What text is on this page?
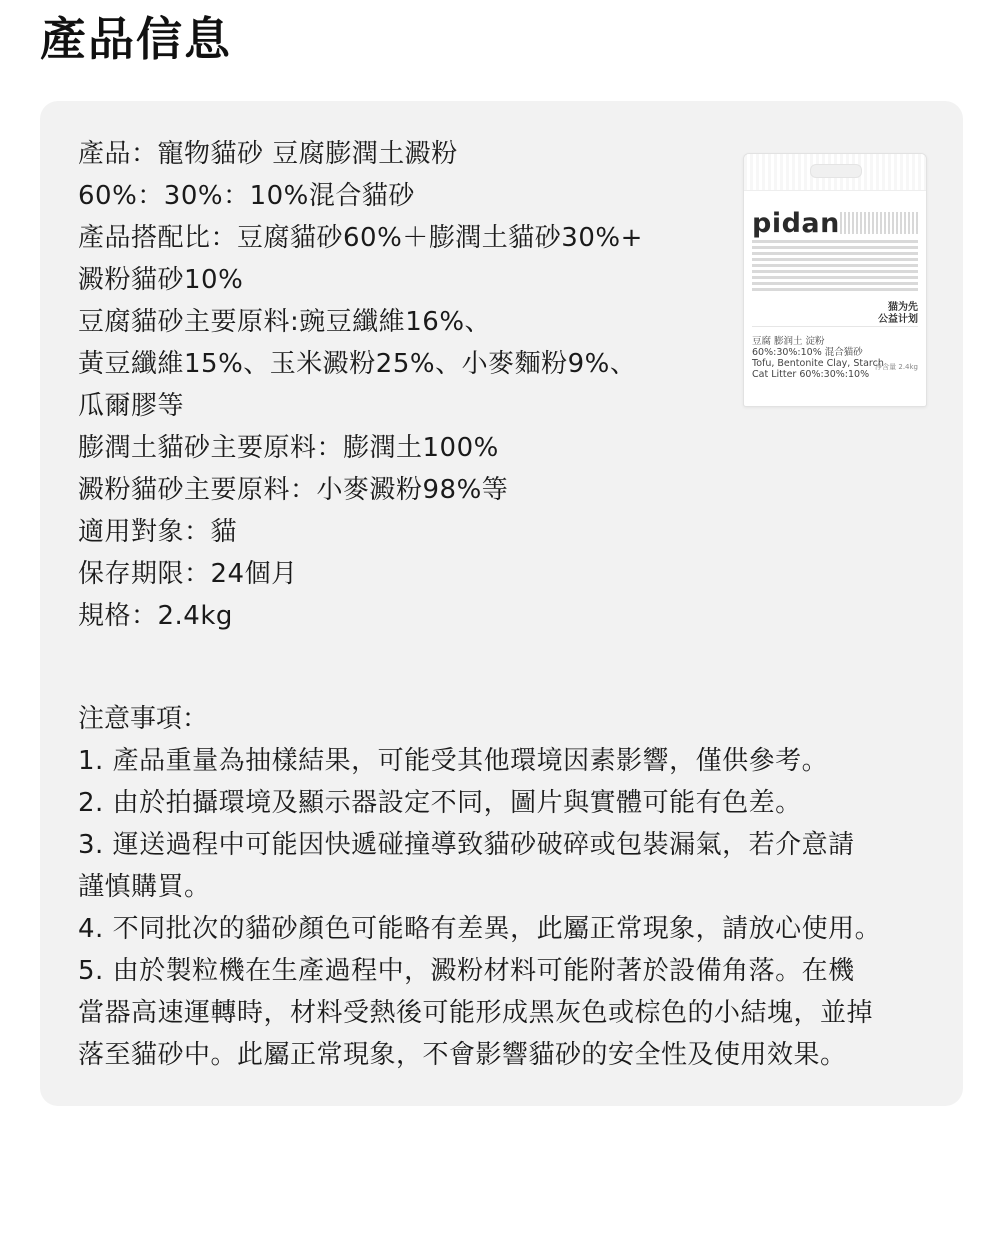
產品信息
產品：寵物貓砂 豆腐膨潤土澱粉
60%：30%：10%混合貓砂
產品搭配比：豆腐貓砂60%＋膨潤土貓砂30%+
澱粉貓砂10%
豆腐貓砂主要原料:豌豆纖維16%、
黃豆纖維15%、玉米澱粉25%、小麥麵粉9%、
瓜爾膠等
膨潤土貓砂主要原料：膨潤土100%
澱粉貓砂主要原料：小麥澱粉98%等
適用對象：貓
保存期限：24個月
規格：2.4kg
pidan
猫为先
公益计划
豆腐 膨润土 淀粉
60%:30%:10% 混合猫砂
Tofu, Bentonite Clay, Starch
Cat Litter 60%:30%:10%
净含量 2.4kg
注意事項：
1. 產品重量為抽樣結果，可能受其他環境因素影響，僅供參考。
2. 由於拍攝環境及顯示器設定不同，圖片與實體可能有色差。
3. 運送過程中可能因快遞碰撞導致貓砂破碎或包裝漏氣，若介意請
謹慎購買。
4. 不同批次的貓砂顏色可能略有差異，此屬正常現象，請放心使用。
5. 由於製粒機在生產過程中，澱粉材料可能附著於設備角落。在機
當器高速運轉時，材料受熱後可能形成黑灰色或棕色的小結塊，並掉
落至貓砂中。此屬正常現象，不會影響貓砂的安全性及使用效果。
